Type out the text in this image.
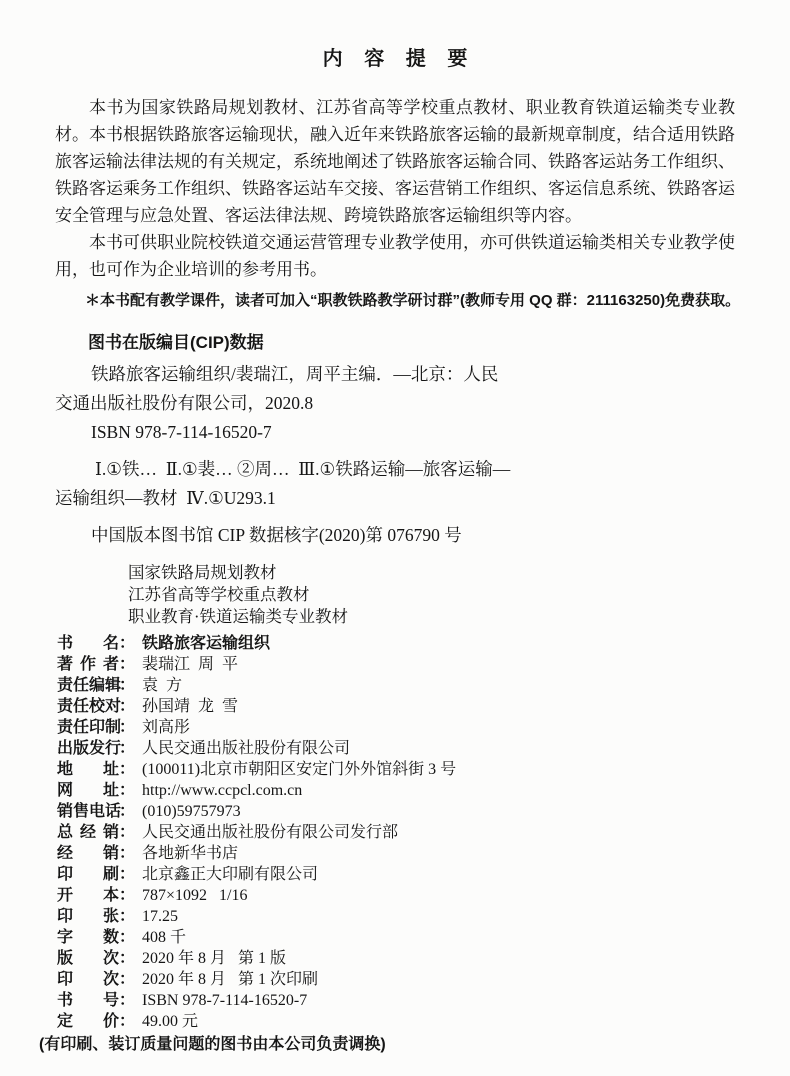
内 容 提 要

本书为国家铁路局规划教材、江苏省高等学校重点教材、职业教育铁道运输类专业教材。本书根据铁路旅客运输现状，融入近年来铁路旅客运输的最新规章制度，结合适用铁路旅客运输法律法规的有关规定，系统地阐述了铁路旅客运输合同、铁路客运站务工作组织、铁路客运乘务工作组织、铁路客运站车交接、客运营销工作组织、客运信息系统、铁路客运安全管理与应急处置、客运法律法规、跨境铁路旅客运输组织等内容。

本书可供职业院校铁道交通运营管理专业教学使用，亦可供铁道运输类相关专业教学使用，也可作为企业培训的参考用书。

＊本书配有教学课件，读者可加入“职教铁路教学研讨群”(教师专用 QQ 群：211163250)免费获取。
图书在版编目(CIP)数据
铁路旅客运输组织/裴瑞江，周平主编．—北京：人民
交通出版社股份有限公司，2020.8
ISBN 978-7-114-16520-7
Ⅰ.①铁…  Ⅱ.①裴… ②周…  Ⅲ.①铁路运输—旅客运输—
运输组织—教材  Ⅳ.①U293.1
中国版本图书馆 CIP 数据核字(2020)第 076790 号
国家铁路局规划教材
江苏省高等学校重点教材
职业教育·铁道运输类专业教材
书 名 ： 铁路旅客运输组织
著 作 者 ： 裴瑞江  周  平
责 任 编 辑
： 袁  方
责 任 校 对
： 孙国靖  龙  雪
责 任 印 制
： 刘高彤
出 版 发 行
： 人民交通出版社股份有限公司
地 址 ： (100011)北京市朝阳区安定门外外馆斜街 3 号
网 址 ： http://www.ccpcl.com.cn
销 售 电 话
： (010)59757973
总 经 销 ： 人民交通出版社股份有限公司发行部
经 销 ： 各地新华书店
印 刷 ： 北京鑫正大印刷有限公司
开 本 ： 787×1092   1/16
印 张 ： 17.25
字 数 ： 408 千
版 次 ： 2020 年 8 月   第 1 版
印 次 ： 2020 年 8 月   第 1 次印刷
书 号 ： ISBN 978-7-114-16520-7
定 价 ： 49.00 元
(有印刷、装订质量问题的图书由本公司负责调换)
